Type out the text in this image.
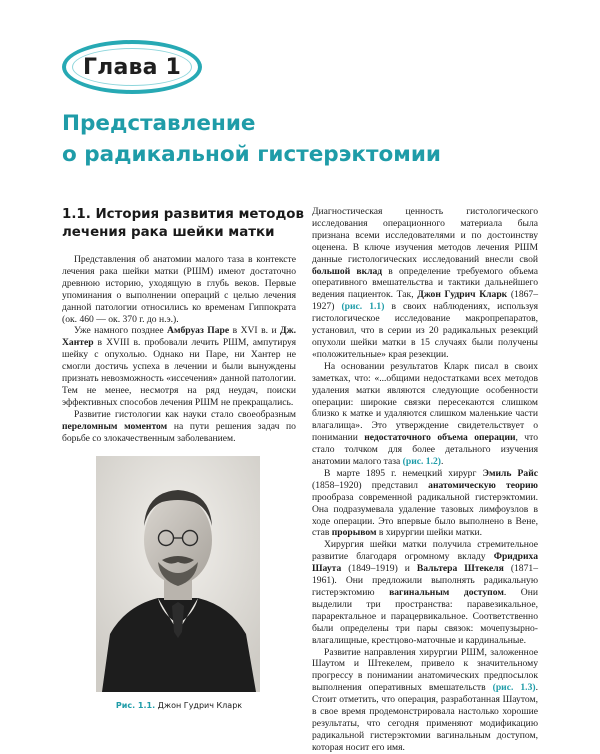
Глава 1
Представление
о радикальной гистерэктомии
1.1. История развития методов
лечения рака шейки матки

Представления об анатомии малого таза в контексте лечения рака шейки матки (РШМ) имеют достаточно древнюю историю, уходящую в глубь веков. Первые упоминания о выполнении операций с целью лечения данной патологии относились ко временам Гиппократа (ок. 460 — ок. 370 г. до н.э.).

Уже намного позднее Амбруаз Паре в XVI в. и Дж. Хантер в XVIII в. пробовали лечить РШМ, ампутируя шейку с опухолью. Однако ни Паре, ни Хантер не смогли достичь успеха в лечении и были вынуждены признать невозможность «иссечения» данной патологии. Тем не менее, несмотря на ряд неудач, поиски эффективных способов лечения РШМ не прекращались.

Развитие гистологии как науки стало своеобразным переломным моментом на пути решения задач по борьбе со злокачественным заболеванием.

Рис. 1.1. Джон Гудрич Кларк

Диагностическая ценность гистологического исследования операционного материала была признана всеми исследователями и по достоинству оценена. В ключе изучения методов лечения РШМ данные гистологических исследований внесли свой большой вклад в определение требуемого объема оперативного вмешательства и тактики дальнейшего ведения пациенток. Так, Джон Гудрич Кларк (1867–1927) (рис. 1.1) в своих наблюдениях, используя гистологическое исследование макропрепаратов, установил, что в серии из 20 радикальных резекций опухоли шейки матки в 15 случаях были получены «положительные» края резекции.

На основании результатов Кларк писал в своих заметках, что: «...общими недостатками всех методов удаления матки являются следующие особенности операции: широкие связки пересекаются слишком близко к матке и удаляются слишком маленькие части влагалища». Это утверждение свидетельствует о понимании недостаточного объема операции, что стало толчком для более детального изучения анатомии малого таза (рис. 1.2).

В марте 1895 г. немецкий хирург Эмиль Райс (1858–1920) представил анатомическую теорию прообраза современной радикальной гистерэктомии. Она подразумевала удаление тазовых лимфоузлов в ходе операции. Это впервые было выполнено в Вене, став прорывом в хирургии шейки матки.

Хирургия шейки матки получила стремительное развитие благодаря огромному вкладу Фридриха Шаута (1849–1919) и Вальтера Штекеля (1871–1961). Они предложили выполнять радикальную гистерэктомию вагинальным доступом. Они выделили три пространства: паравезикальное, параректальное и парацервикальное. Соответственно были определены три пары связок: мочепузырно-влагалищные, крестцово-маточные и кардинальные.

Развитие направления хирургии РШМ, заложенное Шаутом и Штекелем, привело к значительному прогрессу в понимании анатомических предпосылок выполнения оперативных вмешательств (рис. 1.3). Стоит отметить, что операция, разработанная Шаутом, в свое время продемонстрировала настолько хорошие результаты, что сегодня применяют модификацию радикальной гистерэктомии вагинальным доступом, которая носит его имя.
